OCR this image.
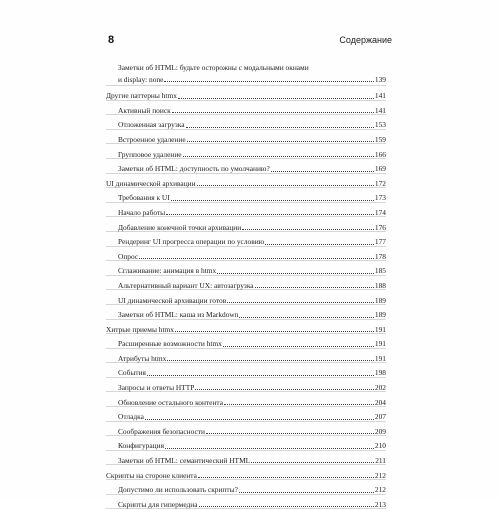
8	Содержание
Заметки об HTML: будьте осторожны с модальными окнами
и display: none	139
Другие паттерны htmx	141
Активный поиск	141
Отложенная загрузка	153
Встроенное удаление	159
Групповое удаление	166
Заметки об HTML: доступность по умолчанию?	169
UI динамической архивации	172
Требования к UI	173
Начало работы	174
Добавление конечной точки архивации	176
Рендеринг UI прогресса операции по условию	177
Опрос	178
Сглаживание: анимация в htmx	185
Альтернативный вариант UX: автозагрузка	188
UI динамической архивации готов	189
Заметки об HTML: каша из Markdown	189
Хитрые приемы htmx	191
Расширенные возможности htmx	191
Атрибуты htmx	191
События	198
Запросы и ответы HTTP	202
Обновление остального контента	204
Отладка	207
Соображения безопасности	209
Конфигурация	210
Заметки об HTML: семантический HTML	211
Скрипты на стороне клиента	212
Допустимо ли использовать скрипты?	212
Скрипты для гипермедиа	213
